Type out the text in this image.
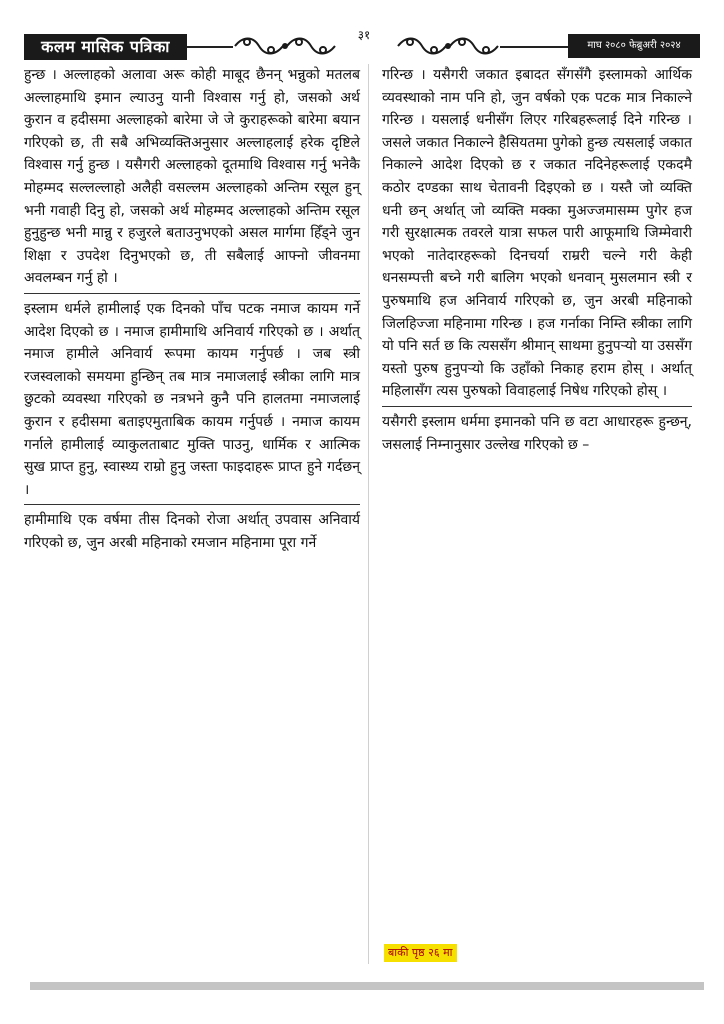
कलम मासिक पत्रिका
३१
माघ २०८० फेब्रुअरी २०२४

हुन्छ । अल्लाहको अलावा अरू कोही माबूद छैनन् भन्नुको मतलब अल्लाहमाथि इमान ल्याउनु यानी विश्वास गर्नु हो, जसको अर्थ कुरान व हदीसमा अल्लाहको बारेमा जे जे कुराहरूको बारेमा बयान गरिएको छ, ती सबै अभिव्यक्तिअनुसार अल्लाहलाई हरेक दृष्टिले विश्वास गर्नु हुन्छ । यसैगरी अल्लाहको दूतमाथि विश्वास गर्नु भनेकै मोहम्मद सल्लल्लाहो अलैही वसल्लम अल्लाहको अन्तिम रसूल हुन् भनी गवाही दिनु हो, जसको अर्थ मोहम्मद अल्लाहको अन्तिम रसूल हुनुहुन्छ भनी मान्नु र हजुरले बताउनुभएको असल मार्गमा हिँड्ने जुन शिक्षा र उपदेश दिनुभएको छ, ती सबैलाई आफ्नो जीवनमा अवलम्बन गर्नु हो ।

इस्लाम धर्मले हामीलाई एक दिनको पाँच पटक नमाज कायम गर्ने आदेश दिएको छ । नमाज हामीमाथि अनिवार्य गरिएको छ । अर्थात् नमाज हामीले अनिवार्य रूपमा कायम गर्नुपर्छ । जब स्त्री रजस्वलाको समयमा हुन्छिन् तब मात्र नमाजलाई स्त्रीका लागि मात्र छुटको व्यवस्था गरिएको छ नत्रभने कुनै पनि हालतमा नमाजलाई कुरान र हदीसमा बताइएमुताबिक कायम गर्नुपर्छ । नमाज कायम गर्नाले हामीलाई व्याकुलताबाट मुक्ति पाउनु, धार्मिक र आत्मिक सुख प्राप्त हुनु, स्वास्थ्य राम्रो हुनु जस्ता फाइदाहरू प्राप्त हुने गर्दछन् ।

हामीमाथि एक वर्षमा तीस दिनको रोजा अर्थात् उपवास अनिवार्य गरिएको छ, जुन अरबी महिनाको रमजान महिनामा पूरा गर्ने

गरिन्छ । यसैगरी जकात इबादत सँगसँगै इस्लामको आर्थिक व्यवस्थाको नाम पनि हो, जुन वर्षको एक पटक मात्र निकाल्ने गरिन्छ । यसलाई धनीसँग लिएर गरिबहरूलाई दिने गरिन्छ । जसले जकात निकाल्ने हैसियतमा पुगेको हुन्छ त्यसलाई जकात निकाल्ने आदेश दिएको छ र जकात नदिनेहरूलाई एकदमै कठोर दण्डका साथ चेतावनी दिइएको छ । यस्तै जो व्यक्ति धनी छन् अर्थात् जो व्यक्ति मक्का मुअज्जमासम्म पुगेर हज गरी सुरक्षात्मक तवरले यात्रा सफल पारी आफूमाथि जिम्मेवारी भएको नातेदारहरूको दिनचर्या राम्ररी चल्ने गरी केही धनसम्पत्ती बच्ने गरी बालिग भएको धनवान् मुसलमान स्त्री र पुरुषमाथि हज अनिवार्य गरिएको छ, जुन अरबी महिनाको जिलहिज्जा महिनामा गरिन्छ । हज गर्नाका निम्ति स्त्रीका लागि यो पनि सर्त छ कि त्यससँग श्रीमान् साथमा हुनुपर्‍यो या उससँग यस्तो पुरुष हुनुपर्‍यो कि उहाँको निकाह हराम होस् । अर्थात् महिलासँग त्यस पुरुषको विवाहलाई निषेध गरिएको होस् ।

यसैगरी इस्लाम धर्ममा इमानको पनि छ वटा आधारहरू हुन्छन्, जसलाई निम्नानुसार उल्लेख गरिएको छ –

बाकी पृष्ठ २६ मा
